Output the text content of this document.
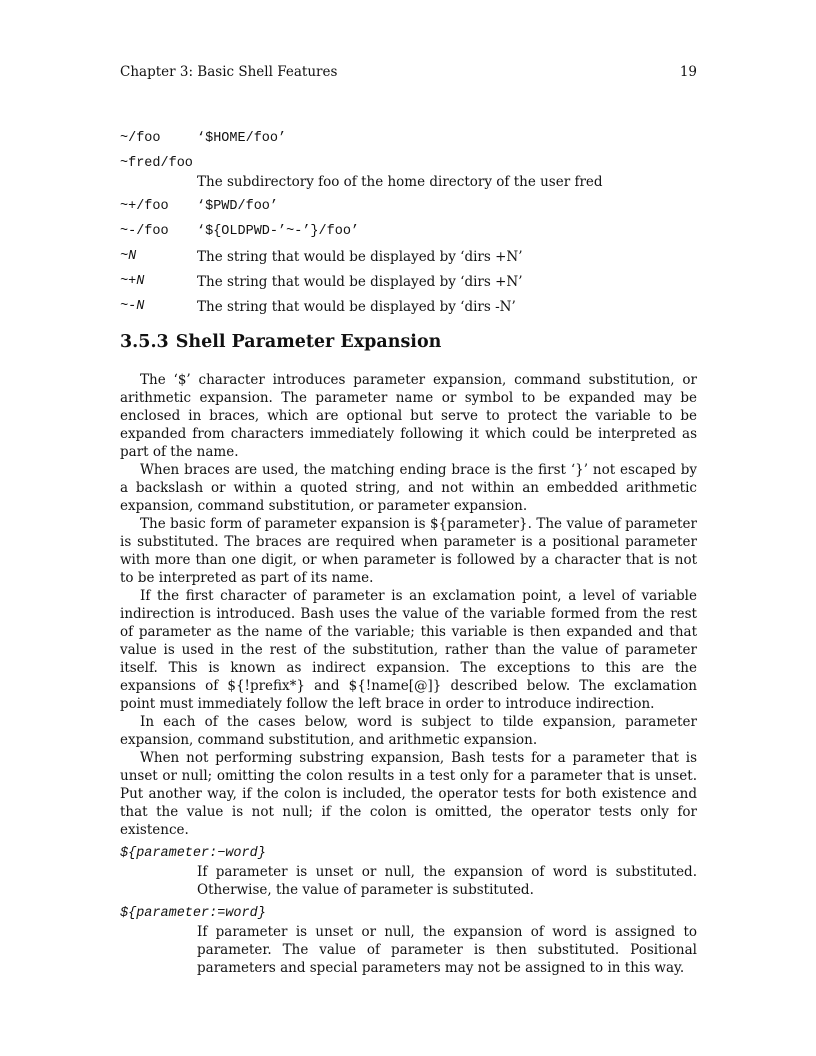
Chapter 3: Basic Shell Features	19
~/foo	‘$HOME/foo’
~fred/foo
The subdirectory foo of the home directory of the user fred
~+/foo	‘$PWD/foo’
~-/foo	‘${OLDPWD-’~-’}/foo’
~N	The string that would be displayed by ‘dirs +N’
~+N	The string that would be displayed by ‘dirs +N’
~-N	The string that would be displayed by ‘dirs -N’
3.5.3 Shell Parameter Expansion

The ‘$’ character introduces parameter expansion, command substitution, or arithmetic expansion. The parameter name or symbol to be expanded may be enclosed in braces, which are optional but serve to protect the variable to be expanded from characters immediately following it which could be interpreted as part of the name.

When braces are used, the matching ending brace is the first ‘}’ not escaped by a backslash or within a quoted string, and not within an embedded arithmetic expansion, command substitution, or parameter expansion.

The basic form of parameter expansion is ${parameter}. The value of parameter is substituted. The braces are required when parameter is a positional parameter with more than one digit, or when parameter is followed by a character that is not to be interpreted as part of its name.

If the first character of parameter is an exclamation point, a level of variable indirection is introduced. Bash uses the value of the variable formed from the rest of parameter as the name of the variable; this variable is then expanded and that value is used in the rest of the substitution, rather than the value of parameter itself. This is known as indirect expansion. The exceptions to this are the expansions of ${!prefix*} and ${!name[@]} described below. The exclamation point must immediately follow the left brace in order to introduce indirection.

In each of the cases below, word is subject to tilde expansion, parameter expansion, command substitution, and arithmetic expansion.

When not performing substring expansion, Bash tests for a parameter that is unset or null; omitting the colon results in a test only for a parameter that is unset. Put another way, if the colon is included, the operator tests for both existence and that the value is not null; if the colon is omitted, the operator tests only for existence.

${parameter:−word}
If parameter is unset or null, the expansion of word is substituted. Otherwise, the value of parameter is substituted.
${parameter:=word}
If parameter is unset or null, the expansion of word is assigned to parameter. The value of parameter is then substituted. Positional parameters and special parameters may not be assigned to in this way.
